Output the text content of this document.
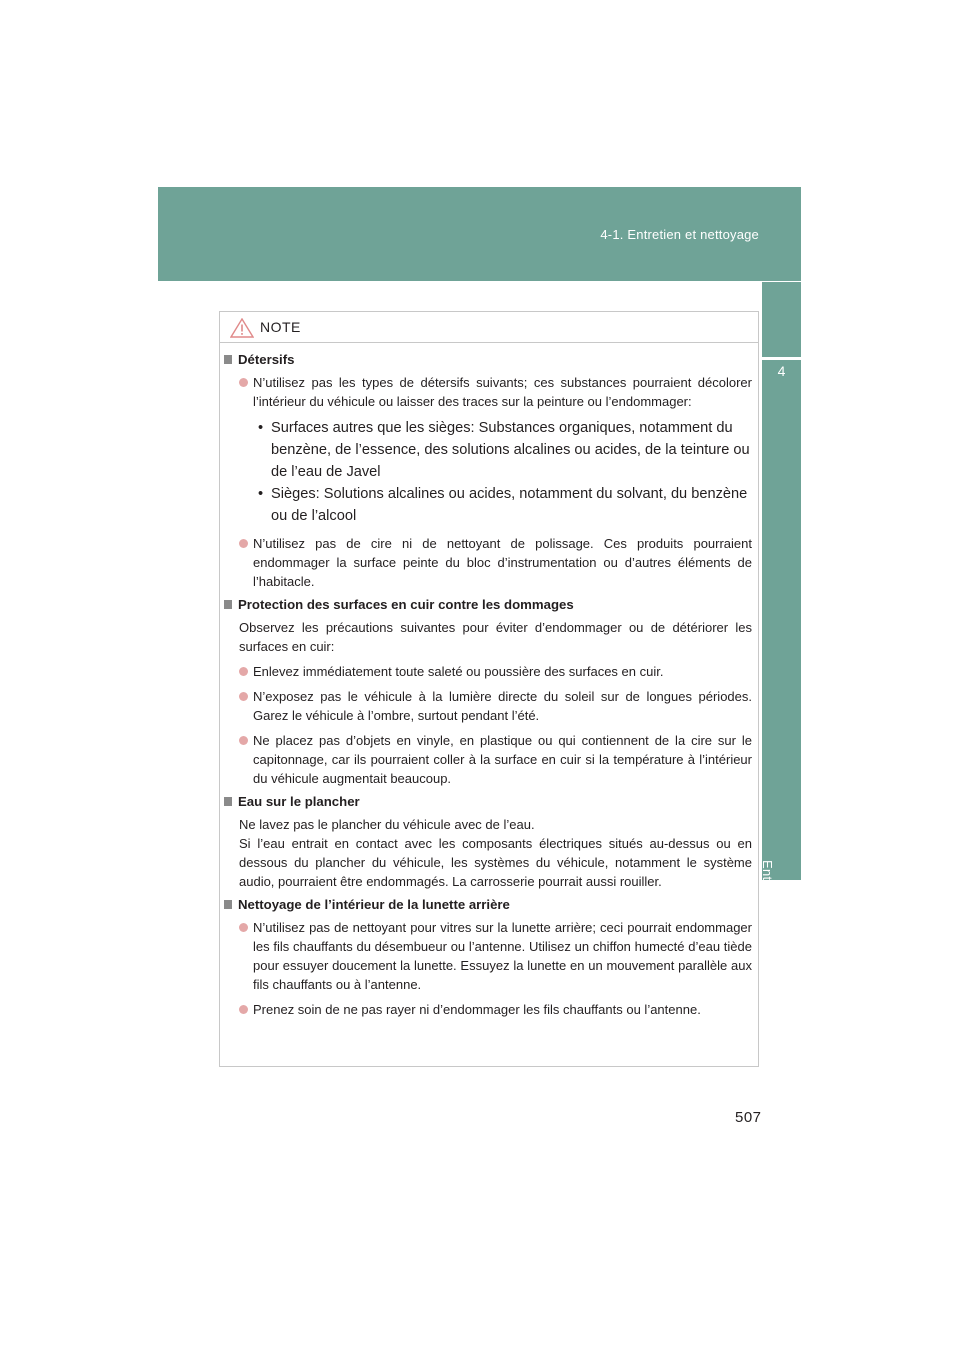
4-1. Entretien et nettoyage
4
Entretien et nettoyage
NOTE
Détersifs
N’utilisez pas les types de détersifs suivants; ces substances pourraient décolorer l’intérieur du véhicule ou laisser des traces sur la peinture ou l’endommager:
• Surfaces autres que les sièges: Substances organiques, notamment du benzène, de l’essence, des solutions alcalines ou acides, de la teinture ou de l’eau de Javel
• Sièges: Solutions alcalines ou acides, notamment du solvant, du benzène ou de l’alcool
N’utilisez pas de cire ni de nettoyant de polissage. Ces produits pourraient endommager la surface peinte du bloc d’instrumentation ou d’autres éléments de l’habitacle.
Protection des surfaces en cuir contre les dommages
Observez les précautions suivantes pour éviter d’endommager ou de détériorer les surfaces en cuir:
Enlevez immédiatement toute saleté ou poussière des surfaces en cuir.
N’exposez pas le véhicule à la lumière directe du soleil sur de longues périodes. Garez le véhicule à l’ombre, surtout pendant l’été.
Ne placez pas d’objets en vinyle, en plastique ou qui contiennent de la cire sur le capitonnage, car ils pourraient coller à la surface en cuir si la température à l’intérieur du véhicule augmentait beaucoup.
Eau sur le plancher

Ne lavez pas le plancher du véhicule avec de l’eau.

Si l’eau entrait en contact avec les composants électriques situés au-dessus ou en dessous du plancher du véhicule, les systèmes du véhicule, notamment le système audio, pourraient être endommagés. La carrosserie pourrait aussi rouiller.

Nettoyage de l’intérieur de la lunette arrière
N’utilisez pas de nettoyant pour vitres sur la lunette arrière; ceci pourrait endommager les fils chauffants du désembueur ou l’antenne. Utilisez un chiffon humecté d’eau tiède pour essuyer doucement la lunette. Essuyez la lunette en un mouvement parallèle aux fils chauffants ou à l’antenne.
Prenez soin de ne pas rayer ni d’endommager les fils chauffants ou l’antenne.
507
